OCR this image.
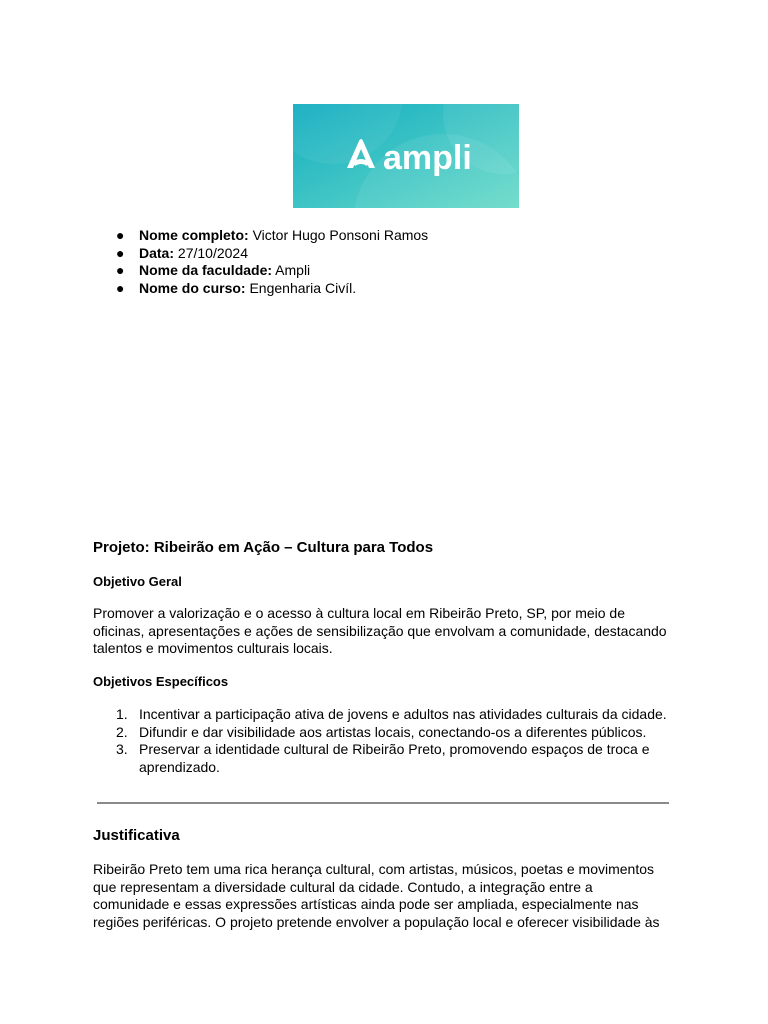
ampli
● Nome completo: Victor Hugo Ponsoni Ramos
● Data: 27/10/2024
● Nome da faculdade: Ampli
● Nome do curso: Engenharia Civíl.
Projeto: Ribeirão em Ação – Cultura para Todos
Objetivo Geral

Promover a valorização e o acesso à cultura local em Ribeirão Preto, SP, por meio de
oficinas, apresentações e ações de sensibilização que envolvam a comunidade, destacando
talentos e movimentos culturais locais.

Objetivos Específicos
1. Incentivar a participação ativa de jovens e adultos nas atividades culturais da cidade.
2. Difundir e dar visibilidade aos artistas locais, conectando-os a diferentes públicos.
3. Preservar a identidade cultural de Ribeirão Preto, promovendo espaços de troca e
aprendizado.
Justificativa

Ribeirão Preto tem uma rica herança cultural, com artistas, músicos, poetas e movimentos
que representam a diversidade cultural da cidade. Contudo, a integração entre a
comunidade e essas expressões artísticas ainda pode ser ampliada, especialmente nas
regiões periféricas. O projeto pretende envolver a população local e oferecer visibilidade às
